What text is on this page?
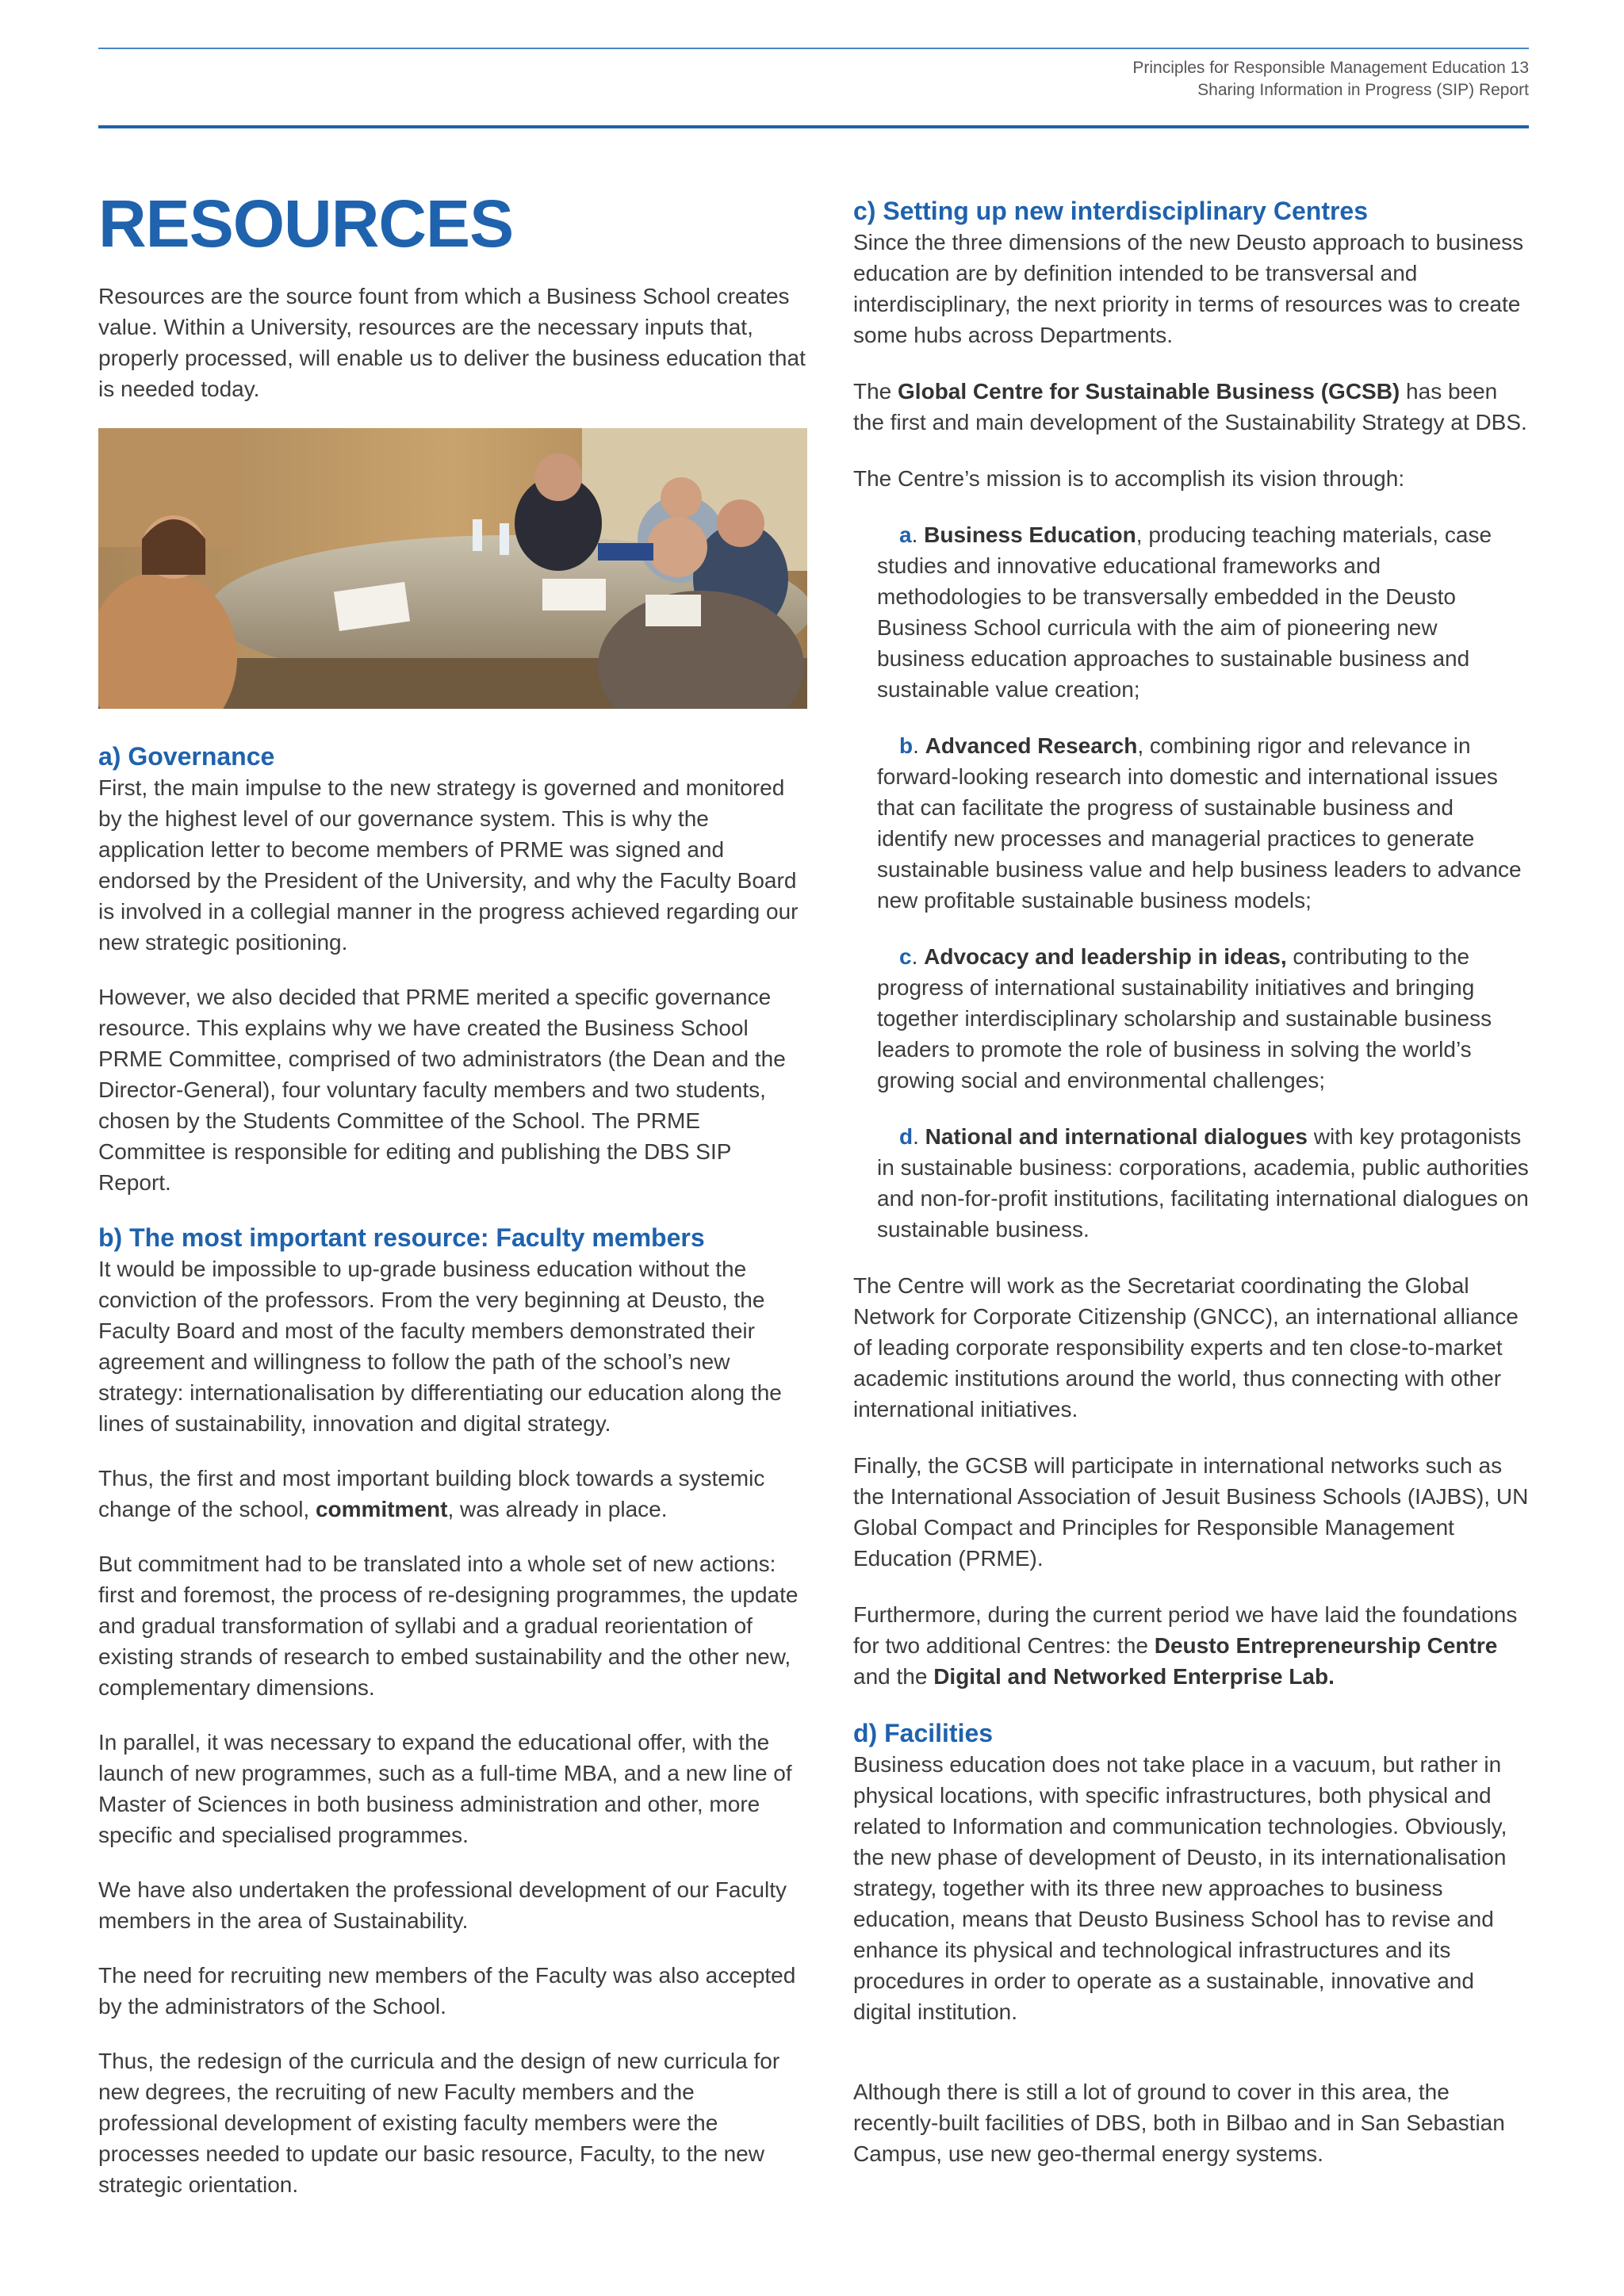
Principles for Responsible Management Education 13
Sharing Information in Progress (SIP) Report
RESOURCES

Resources are the source fount from which a Business School creates value. Within a University, resources are the necessary inputs that, properly processed, will enable us to deliver the business education that is needed today.

a) Governance

First, the main impulse to the new strategy is governed and monitored by the highest level of our governance system. This is why the application letter to become members of PRME was signed and endorsed by the President of the University, and why the Faculty Board is involved in a collegial manner in the progress achieved regarding our new strategic positioning.

However, we also decided that PRME merited a specific governance resource. This explains why we have created the Business School PRME Committee, comprised of two administrators (the Dean and the Director-General), four voluntary faculty members and two students, chosen by the Students Committee of the School. The PRME Committee is responsible for editing and publishing the DBS SIP Report.

b) The most important resource: Faculty members

It would be impossible to up-grade business education without the conviction of the professors. From the very beginning at Deusto, the Faculty Board and most of the faculty members demonstrated their agreement and willingness to follow the path of the school’s new strategy: internationalisation by differentiating our education along the lines of sustainability, innovation and digital strategy.

Thus, the first and most important building block towards a systemic change of the school, commitment, was already in place.

But commitment had to be translated into a whole set of new actions: first and foremost, the process of re-designing programmes, the update and gradual transformation of syllabi and a gradual reorientation of existing strands of research to embed sustainability and the other new, complementary dimensions.

In parallel, it was necessary to expand the educational offer, with the launch of new programmes, such as a full-time MBA, and a new line of Master of Sciences in both business administration and other, more specific and specialised programmes.

We have also undertaken the professional development of our Faculty members in the area of Sustainability.

The need for recruiting new members of the Faculty was also accepted by the administrators of the School.

Thus, the redesign of the curricula and the design of new curricula for new degrees, the recruiting of new Faculty members and the professional development of existing faculty members were the processes needed to update our basic resource, Faculty, to the new strategic orientation.

c) Setting up new interdisciplinary Centres

Since the three dimensions of the new Deusto approach to business education are by definition intended to be transversal and interdisciplinary, the next priority in terms of resources was to create some hubs across Departments.

The Global Centre for Sustainable Business (GCSB) has been the first and main development of the Sustainability Strategy at DBS.

The Centre’s mission is to accomplish its vision through:

a. Business Education, producing teaching materials, case studies and innovative educational frameworks and methodologies to be transversally embedded in the Deusto Business School curricula with the aim of pioneering new business education approaches to sustainable business and sustainable value creation;

b. Advanced Research, combining rigor and relevance in forward-looking research into domestic and international issues that can facilitate the progress of sustainable business and identify new processes and managerial practices to generate sustainable business value and help business leaders to advance new profitable sustainable business models;

c. Advocacy and leadership in ideas, contributing to the progress of international sustainability initiatives and bringing together interdisciplinary scholarship and sustainable business leaders to promote the role of business in solving the world’s growing social and environmental challenges;

d. National and international dialogues with key protagonists in sustainable business: corporations, academia, public authorities and non-for-profit institutions, facilitating international dialogues on sustainable business.

The Centre will work as the Secretariat coordinating the Global Network for Corporate Citizenship (GNCC), an international alliance of leading corporate responsibility experts and ten close-to-market academic institutions around the world, thus connecting with other international initiatives.

Finally, the GCSB will participate in international networks such as the International Association of Jesuit Business Schools (IAJBS), UN Global Compact and Principles for Responsible Management Education (PRME).

Furthermore, during the current period we have laid the foundations for two additional Centres: the Deusto Entrepreneurship Centre and the Digital and Networked Enterprise Lab.

d) Facilities

Business education does not take place in a vacuum, but rather in physical locations, with specific infrastructures, both physical and related to Information and communication technologies. Obviously, the new phase of development of Deusto, in its internationalisation strategy, together with its three new approaches to business education, means that Deusto Business School has to revise and enhance its physical and technological infrastructures and its procedures in order to operate as a sustainable, innovative and digital institution.

Although there is still a lot of ground to cover in this area, the recently-built facilities of DBS, both in Bilbao and in San Sebastian Campus, use new geo-thermal energy systems.
